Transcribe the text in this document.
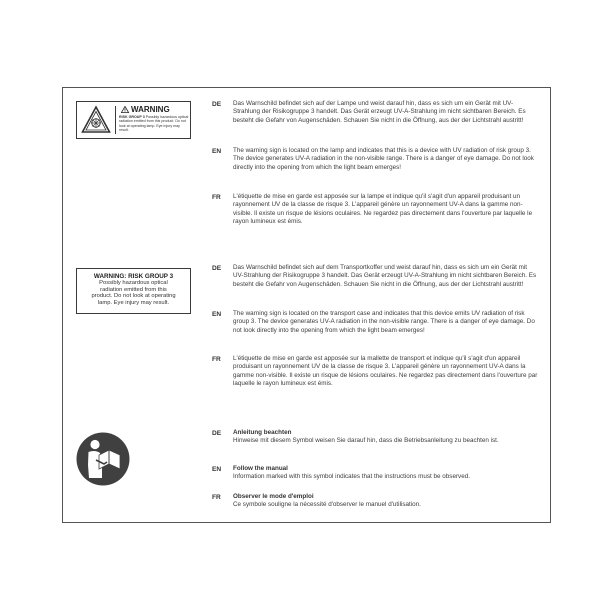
WARNING
RISK GROUP 3 Possibly hazardous optical radiation emitted from this product. Do not look at operating lamp. Eye injury may result.
DE	Das Warnschild befindet sich auf der Lampe und weist darauf hin, dass es sich um ein Gerät mit UV-Strahlung der Risikogruppe 3 handelt. Das Gerät erzeugt UV-A-Strahlung im nicht sichtbaren Bereich. Es besteht die Gefahr von Augenschäden. Schauen Sie nicht in die Öffnung, aus der der Lichtstrahl austritt!
EN	The warning sign is located on the lamp and indicates that this is a device with UV radiation of risk group 3. The device generates UV-A radiation in the non-visible range. There is a danger of eye damage. Do not look directly into the opening from which the light beam emerges!
FR	L'étiquette de mise en garde est apposée sur la lampe et indique qu'il s'agit d'un appareil produisant un rayonnement UV de la classe de risque 3. L'appareil génère un rayonnement UV-A dans la gamme non-visible. Il existe un risque de lésions oculaires. Ne regardez pas directement dans l'ouverture par laquelle le rayon lumineux est émis.
WARNING: RISK GROUP 3
Possibly hazardous optical
radiation emitted from this
product. Do not look at operating
lamp. Eye injury may result.
DE	Das Warnschild befindet sich auf dem Transportkoffer und weist darauf hin, dass es sich um ein Gerät mit UV-Strahlung der Risikogruppe 3 handelt. Das Gerät erzeugt UV-A-Strahlung im nicht sichtbaren Bereich. Es besteht die Gefahr von Augenschäden. Schauen Sie nicht in die Öffnung, aus der der Lichtstrahl austritt!
EN	The warning sign is located on the transport case and indicates that this device emits UV radiation of risk group 3. The device generates UV-A radiation in the non-visible range. There is a danger of eye damage. Do not look directly into the opening from which the light beam emerges!
FR	L'étiquette de mise en garde est apposée sur la mallette de transport et indique qu'il s'agit d'un appareil produisant un rayonnement UV de la classe de risque 3. L'appareil génère un rayonnement UV-A dans la gamme non-visible. Il existe un risque de lésions oculaires. Ne regardez pas directement dans l'ouverture par laquelle le rayon lumineux est émis.
DE	Anleitung beachten
Hinweise mit diesem Symbol weisen Sie darauf hin, dass die Betriebsanleitung zu beachten ist.
EN	Follow the manual
Information marked with this symbol indicates that the instructions must be observed.
FR	Observer le mode d'emploi
Ce symbole souligne la nécessité d'observer le manuel d'utilisation.
